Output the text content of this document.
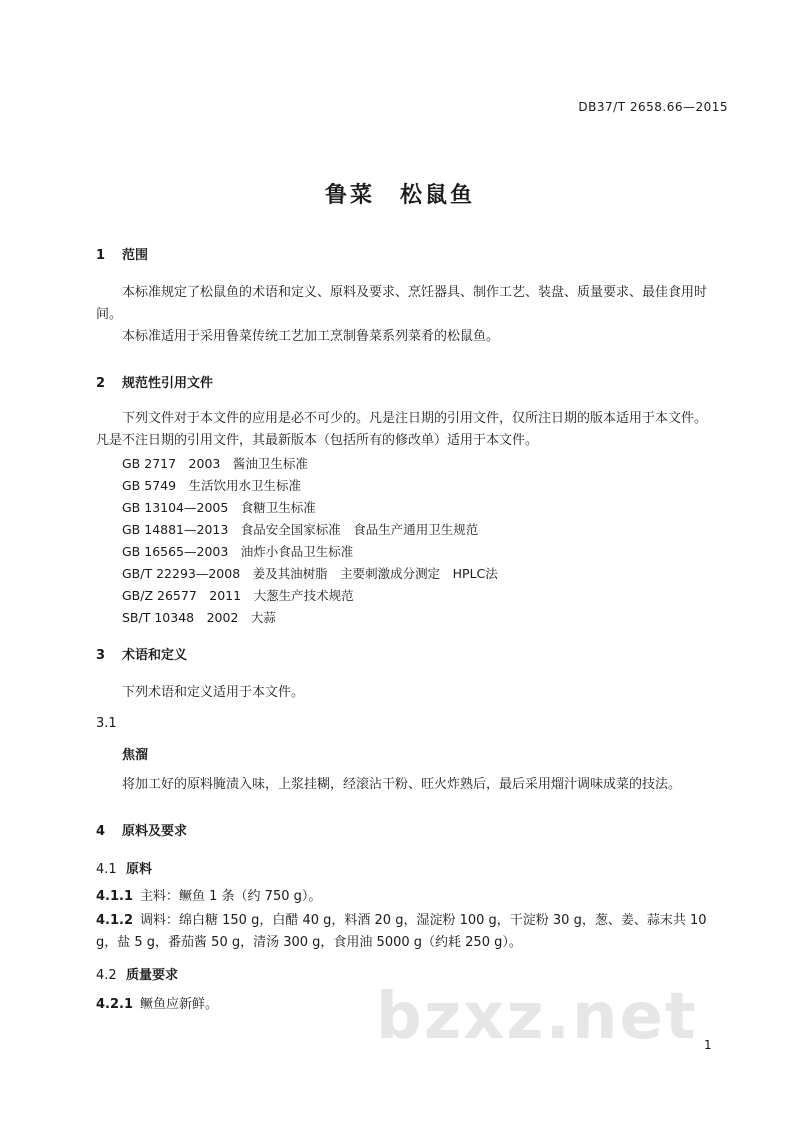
DB37/T 2658.66—2015
鲁菜　松鼠鱼
1 范围
本标准规定了松鼠鱼的术语和定义、原料及要求、烹饪器具、制作工艺、装盘、质量要求、最佳食用时间。
本标准适用于采用鲁菜传统工艺加工烹制鲁菜系列菜肴的松鼠鱼。
2 规范性引用文件
下列文件对于本文件的应用是必不可少的。凡是注日期的引用文件，仅所注日期的版本适用于本文件。凡是不注日期的引用文件，其最新版本（包括所有的修改单）适用于本文件。
GB 2717　2003　酱油卫生标准
GB 5749　生活饮用水卫生标准
GB 13104—2005　食糖卫生标准
GB 14881—2013　食品安全国家标准　食品生产通用卫生规范
GB 16565—2003　油炸小食品卫生标准
GB/T 22293—2008　姜及其油树脂　主要刺激成分测定　HPLC法
GB/Z 26577　2011　大葱生产技术规范
SB/T 10348　2002　大蒜
3 术语和定义
下列术语和定义适用于本文件。
3.1
焦溜
将加工好的原料腌渍入味，上浆挂糊，经滚沾干粉、旺火炸熟后，最后采用熘汁调味成菜的技法。
4 原料及要求
4.1 原料
4.1.1 主料：鳜鱼 1 条（约 750 g）。
4.1.2 调料：绵白糖 150 g，白醋 40 g，料酒 20 g，湿淀粉 100 g，干淀粉 30 g，葱、姜、蒜末共 10
g，盐 5 g，番茄酱 50 g，清汤 300 g，食用油 5000 g（约耗 250 g）。
4.2 质量要求
4.2.1 鳜鱼应新鲜。 bzxz.net 1
